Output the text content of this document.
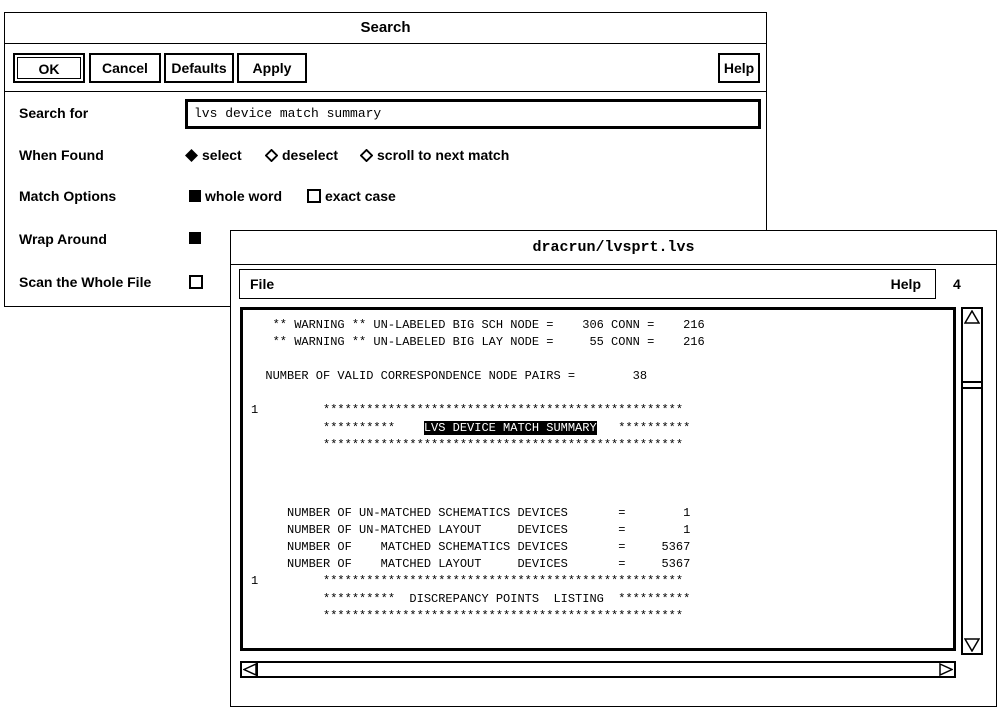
Search
OK	Cancel	Defaults	Apply	Help
Search for	lvs device match summary
When Found	select	deselect	scroll to next match
Match Options	whole word	exact case
Wrap Around
Scan the Whole File
dracrun/lvsprt.lvs
File	Help 4
** WARNING ** UN-LABELED BIG SCH NODE =    306 CONN =    216
** WARNING ** UN-LABELED BIG LAY NODE =     55 CONN =    216

NUMBER OF VALID CORRESPONDENCE NODE PAIRS =        38

1         **************************************************
**********    LVS DEVICE MATCH SUMMARY   **********
**************************************************

NUMBER OF UN-MATCHED SCHEMATICS DEVICES       =        1
NUMBER OF UN-MATCHED LAYOUT     DEVICES       =        1
NUMBER OF    MATCHED SCHEMATICS DEVICES       =     5367
NUMBER OF    MATCHED LAYOUT     DEVICES       =     5367
1         **************************************************
**********  DISCREPANCY POINTS  LISTING  **********
**************************************************
